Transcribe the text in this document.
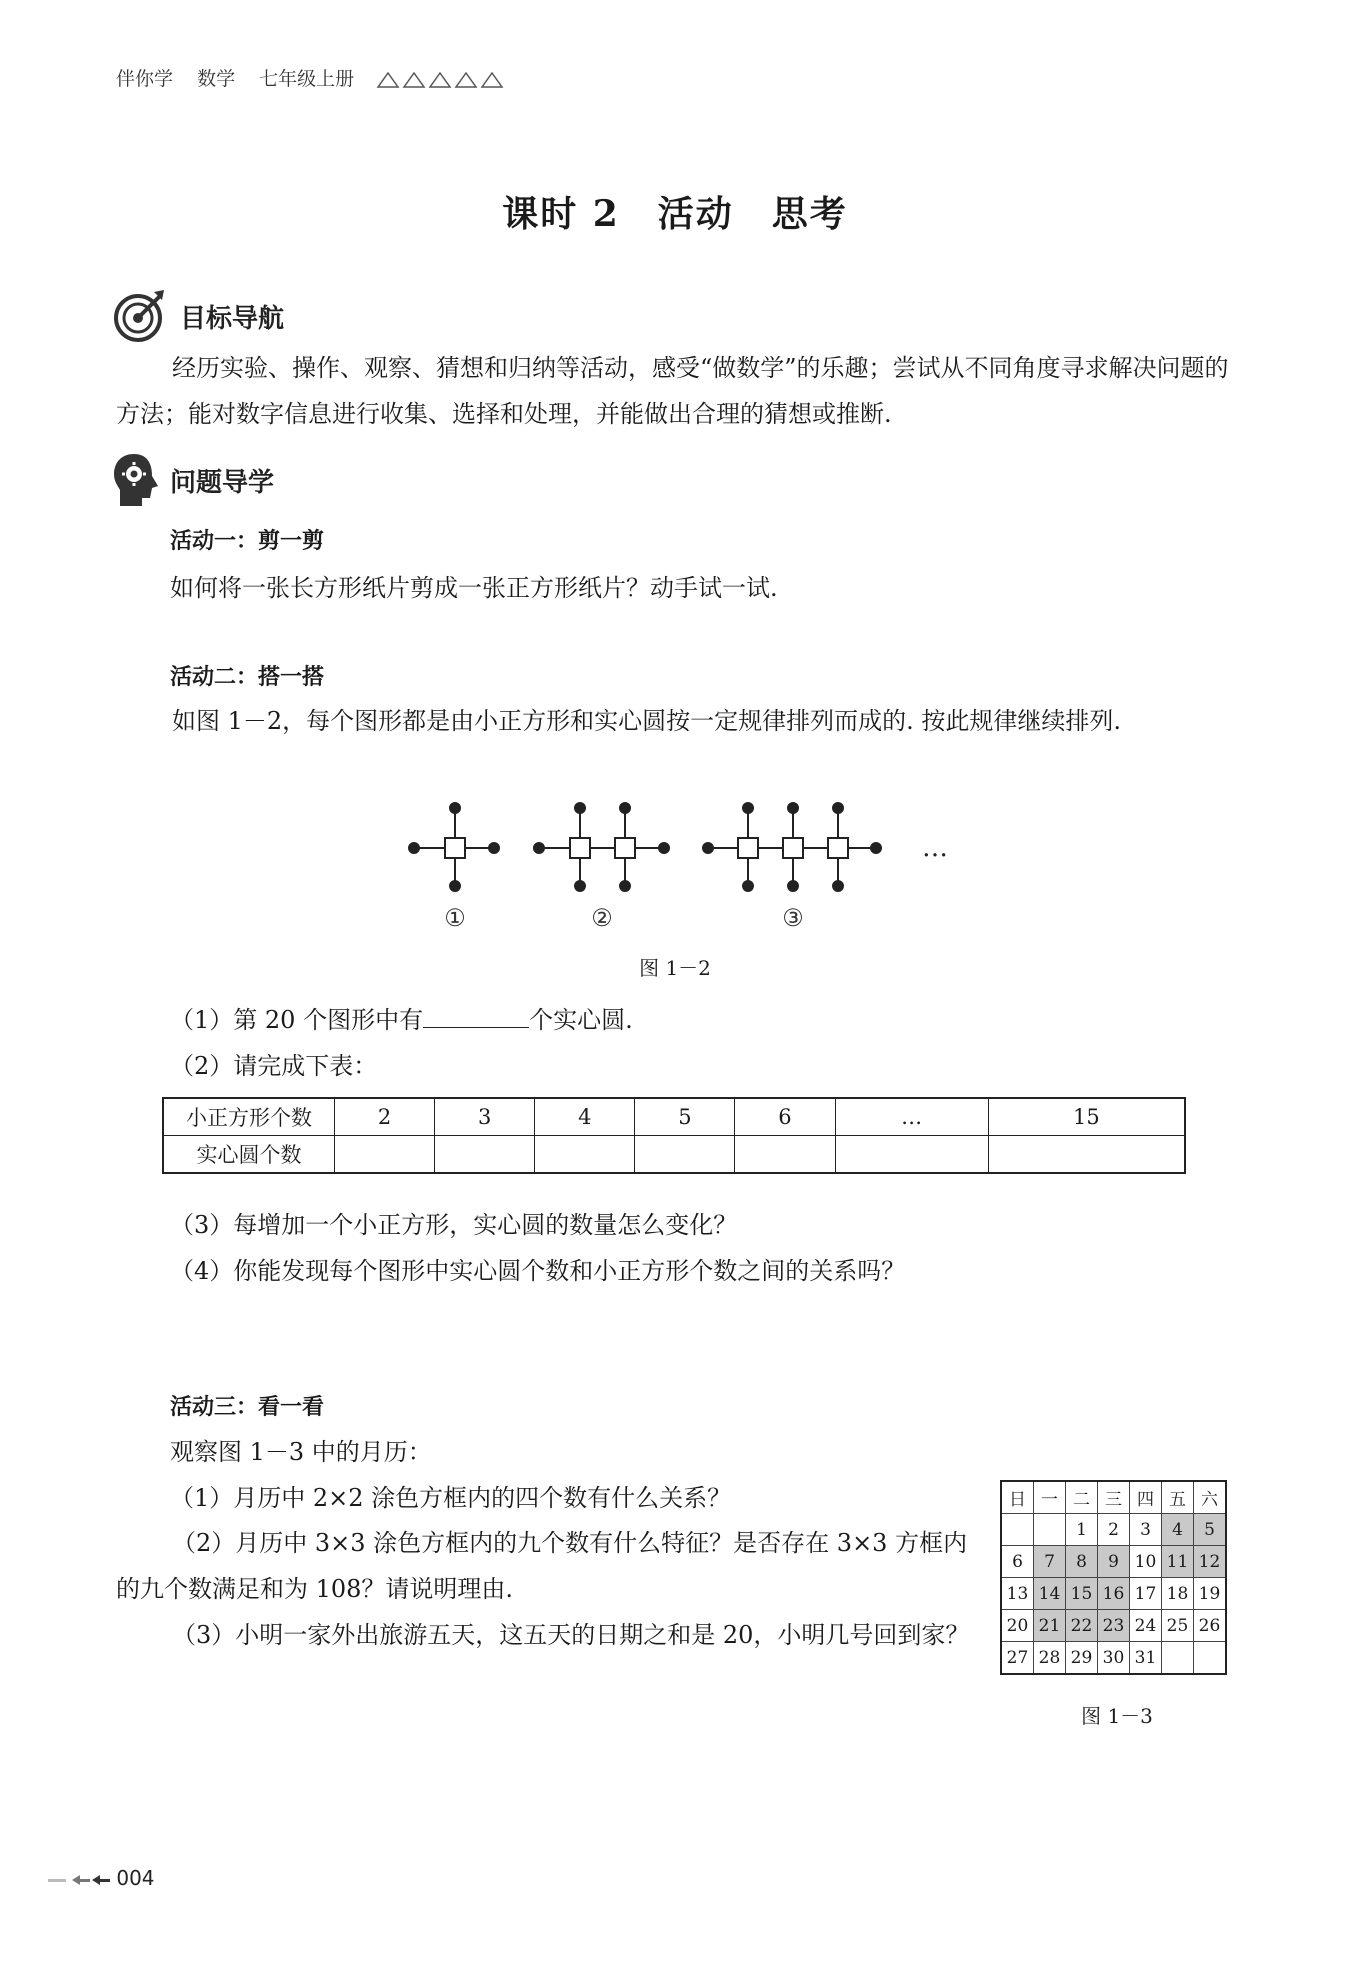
伴你学 数学 七年级上册
课时 2　活动　思考
目标导航
经历实验、操作、观察、猜想和归纳等活动，感受“做数学”的乐趣；尝试从不同角度寻求解决问题的方法；能对数字信息进行收集、选择和处理，并能做出合理的猜想或推断.
问题导学
活动一：剪一剪
如何将一张长方形纸片剪成一张正方形纸片？动手试一试.
活动二：搭一搭
如图 1－2，每个图形都是由小正方形和实心圆按一定规律排列而成的. 按此规律继续排列.
…
①	②	③
图 1－2
（1）第 20 个图形中有	个实心圆.
（2）请完成下表：
小正方形个数	2	3	4	5	6	…	15
实心圆个数							
（3）每增加一个小正方形，实心圆的数量怎么变化？
（4）你能发现每个图形中实心圆个数和小正方形个数之间的关系吗？
活动三：看一看
观察图 1－3 中的月历：
（1）月历中 2×2 涂色方框内的四个数有什么关系？
（2）月历中 3×3 涂色方框内的九个数有什么特征？是否存在 3×3 方框内的九个数满足和为 108？请说明理由.
（3）小明一家外出旅游五天，这五天的日期之和是 20，小明几号回到家？
日	一	二	三	四	五	六
		1	2	3	4	5
6	7	8	9	10	11	12
13	14	15	16	17	18	19
20	21	22	23	24	25	26
27	28	29	30	31		
图 1－3
004
